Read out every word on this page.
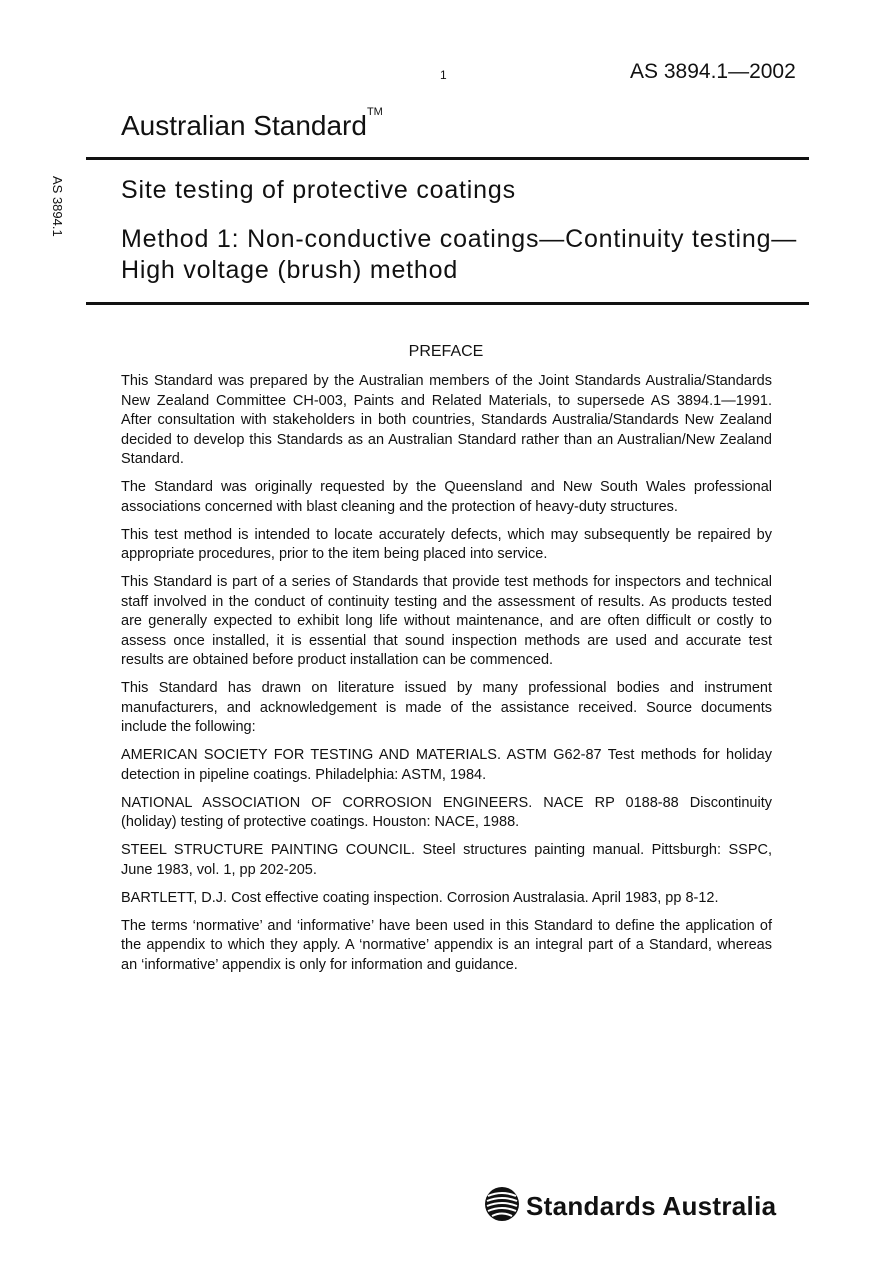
1	AS 3894.1—2002
AS 3894.1
Australian Standard™
Site testing of protective coatings
Method 1: Non-conductive coatings—Continuity testing—High voltage (brush) method
PREFACE

This Standard was prepared by the Australian members of the Joint Standards Australia/Standards New Zealand Committee CH-003, Paints and Related Materials, to supersede AS 3894.1—1991. After consultation with stakeholders in both countries, Standards Australia/Standards New Zealand decided to develop this Standards as an Australian Standard rather than an Australian/New Zealand Standard.

The Standard was originally requested by the Queensland and New South Wales professional associations concerned with blast cleaning and the protection of heavy-duty structures.

This test method is intended to locate accurately defects, which may subsequently be repaired by appropriate procedures, prior to the item being placed into service.

This Standard is part of a series of Standards that provide test methods for inspectors and technical staff involved in the conduct of continuity testing and the assessment of results. As products tested are generally expected to exhibit long life without maintenance, and are often difficult or costly to assess once installed, it is essential that sound inspection methods are used and accurate test results are obtained before product installation can be commenced.

This Standard has drawn on literature issued by many professional bodies and instrument manufacturers, and acknowledgement is made of the assistance received. Source documents include the following:

AMERICAN SOCIETY FOR TESTING AND MATERIALS. ASTM G62-87 Test methods for holiday detection in pipeline coatings. Philadelphia: ASTM, 1984.

NATIONAL ASSOCIATION OF CORROSION ENGINEERS. NACE RP 0188-88 Discontinuity (holiday) testing of protective coatings. Houston: NACE, 1988.

STEEL STRUCTURE PAINTING COUNCIL. Steel structures painting manual. Pittsburgh: SSPC, June 1983, vol. 1, pp 202-205.

BARTLETT, D.J. Cost effective coating inspection. Corrosion Australasia. April 1983, pp 8-12.

The terms ‘normative’ and ‘informative’ have been used in this Standard to define the application of the appendix to which they apply. A ‘normative’ appendix is an integral part of a Standard, whereas an ‘informative’ appendix is only for information and guidance.

Standards Australia
